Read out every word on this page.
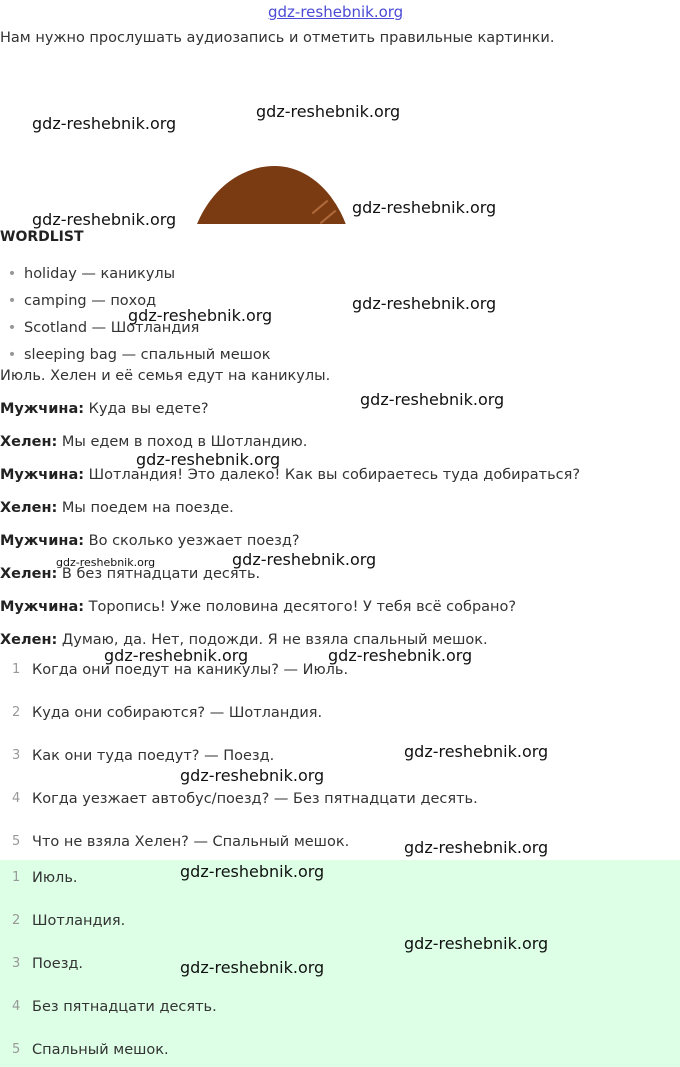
gdz-reshebnik.org
gdz-reshebnik.org
gdz-reshebnik.org
gdz-reshebnik.org
gdz-reshebnik.org
gdz-reshebnik.org
gdz-reshebnik.org
gdz-reshebnik.org
gdz-reshebnik.org
gdz-reshebnik.org
gdz-reshebnik.org
gdz-reshebnik.org	gdz-reshebnik.org
gdz-reshebnik.org
gdz-reshebnik.org
gdz-reshebnik.org
gdz-reshebnik.org
gdz-reshebnik.org
gdz-reshebnik.org
Нам нужно прослушать аудиозапись и отметить правильные картинки.
WORDLIST
• holiday — каникулы
• camping — поход
• Scotland — Шотландия
• sleeping bag — спальный мешок
Июль. Хелен и её семья едут на каникулы.
Мужчина: Куда вы едете?
Хелен: Мы едем в поход в Шотландию.
Мужчина: Шотландия! Это далеко! Как вы собираетесь туда добираться?
Хелен: Мы поедем на поезде.
Мужчина: Во сколько уезжает поезд?
Хелен: В без пятнадцати десять.
Мужчина: Торопись! Уже половина десятого! У тебя всё собрано?
Хелен: Думаю, да. Нет, подожди. Я не взяла спальный мешок.
1 Когда они поедут на каникулы? — Июль.
2 Куда они собираются? — Шотландия.
3 Как они туда поедут? — Поезд.
4 Когда уезжает автобус/поезд? — Без пятнадцати десять.
5 Что не взяла Хелен? — Спальный мешок.
1 Июль.
2 Шотландия.
3 Поезд.
4 Без пятнадцати десять.
5 Спальный мешок.
